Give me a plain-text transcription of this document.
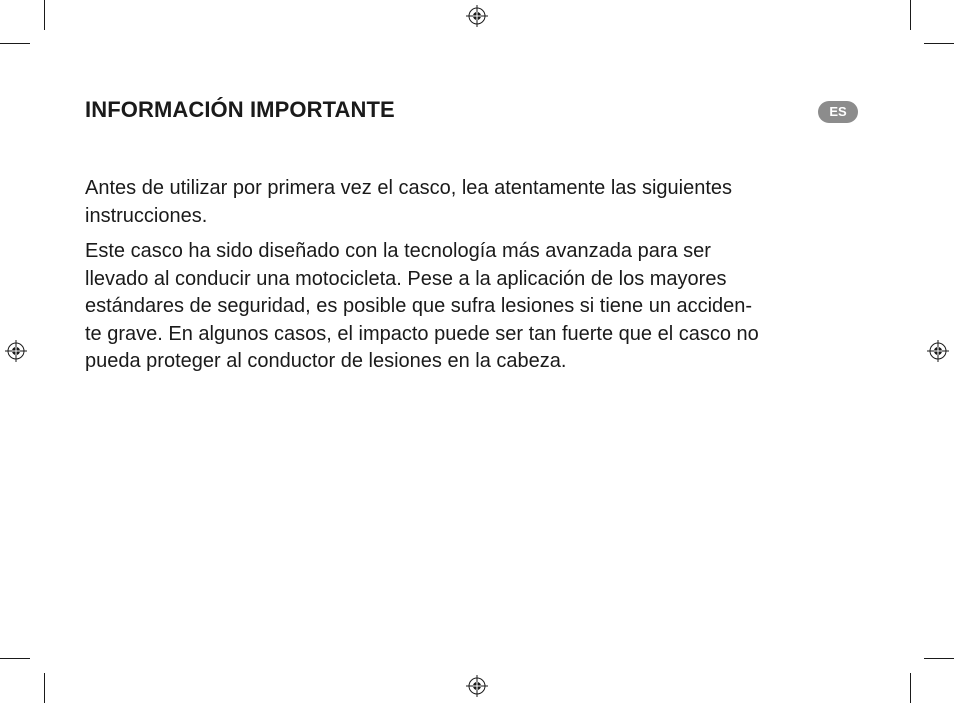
INFORMACIÓN IMPORTANTE	ES

Antes de utilizar por primera vez el casco, lea atentamente las siguientes
instrucciones.

Este casco ha sido diseñado con la tecnología más avanzada para ser
llevado al conducir una motocicleta. Pese a la aplicación de los mayores
estándares de seguridad, es posible que sufra lesiones si tiene un acciden-
te grave. En algunos casos, el impacto puede ser tan fuerte que el casco no
pueda proteger al conductor de lesiones en la cabeza.
